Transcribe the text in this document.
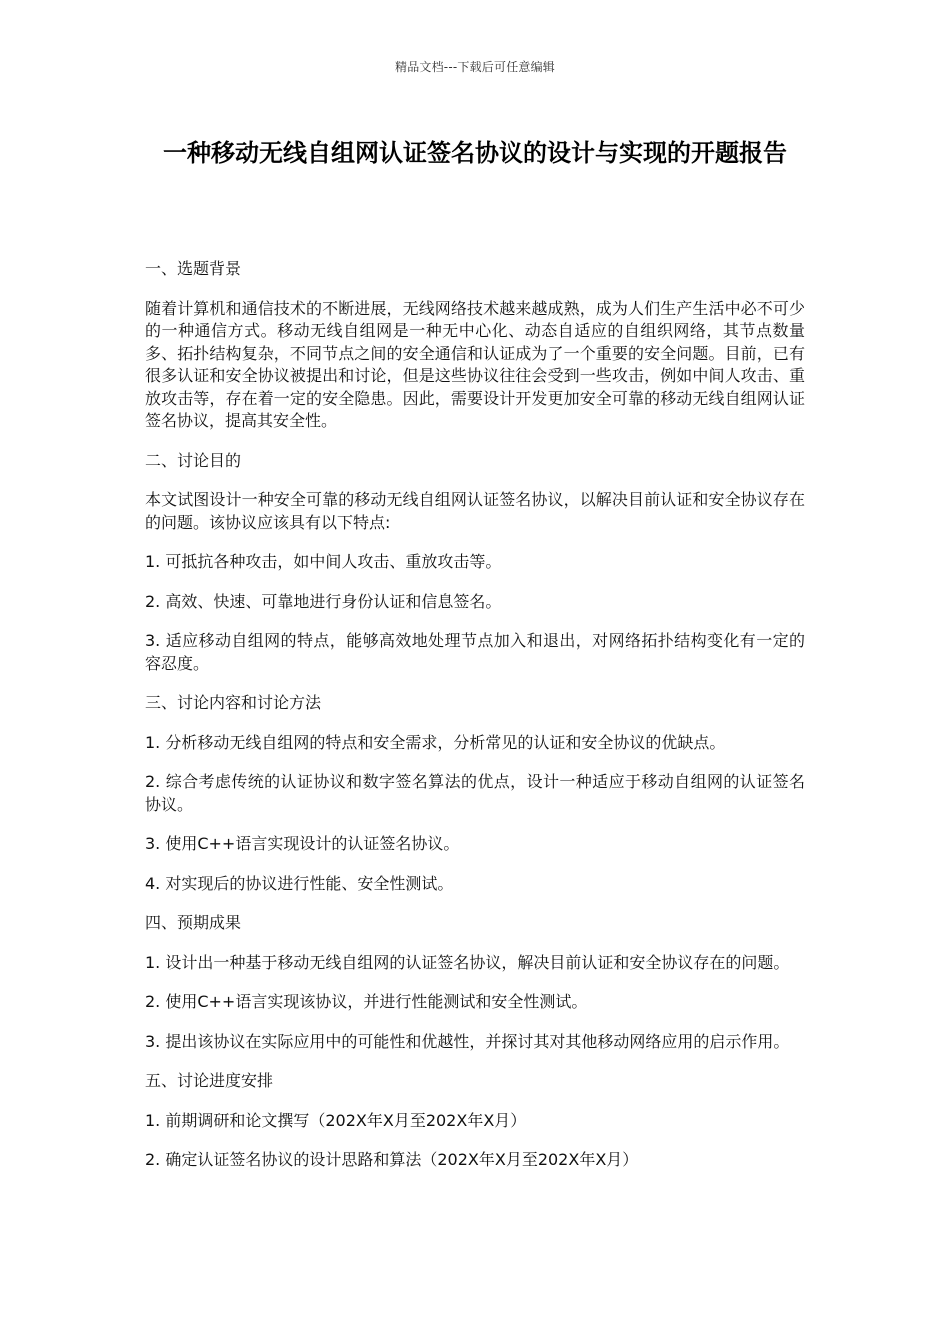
精品文档---下载后可任意编辑
一种移动无线自组网认证签名协议的设计与实现的开题报告
一、选题背景
随着计算机和通信技术的不断进展，无线网络技术越来越成熟，成为人们生产生活中必不可少的一种通信方式。移动无线自组网是一种无中心化、动态自适应的自组织网络，其节点数量多、拓扑结构复杂，不同节点之间的安全通信和认证成为了一个重要的安全问题。目前，已有很多认证和安全协议被提出和讨论，但是这些协议往往会受到一些攻击，例如中间人攻击、重放攻击等，存在着一定的安全隐患。因此，需要设计开发更加安全可靠的移动无线自组网认证签名协议，提高其安全性。
二、讨论目的
本文试图设计一种安全可靠的移动无线自组网认证签名协议，以解决目前认证和安全协议存在的问题。该协议应该具有以下特点:
1. 可抵抗各种攻击，如中间人攻击、重放攻击等。
2. 高效、快速、可靠地进行身份认证和信息签名。
3. 适应移动自组网的特点，能够高效地处理节点加入和退出，对网络拓扑结构变化有一定的容忍度。
三、讨论内容和讨论方法
1. 分析移动无线自组网的特点和安全需求，分析常见的认证和安全协议的优缺点。
2. 综合考虑传统的认证协议和数字签名算法的优点，设计一种适应于移动自组网的认证签名协议。
3. 使用C++语言实现设计的认证签名协议。
4. 对实现后的协议进行性能、安全性测试。
四、预期成果
1. 设计出一种基于移动无线自组网的认证签名协议，解决目前认证和安全协议存在的问题。
2. 使用C++语言实现该协议，并进行性能测试和安全性测试。
3. 提出该协议在实际应用中的可能性和优越性，并探讨其对其他移动网络应用的启示作用。
五、讨论进度安排
1. 前期调研和论文撰写（202X年X月至202X年X月）
2. 确定认证签名协议的设计思路和算法（202X年X月至202X年X月）
